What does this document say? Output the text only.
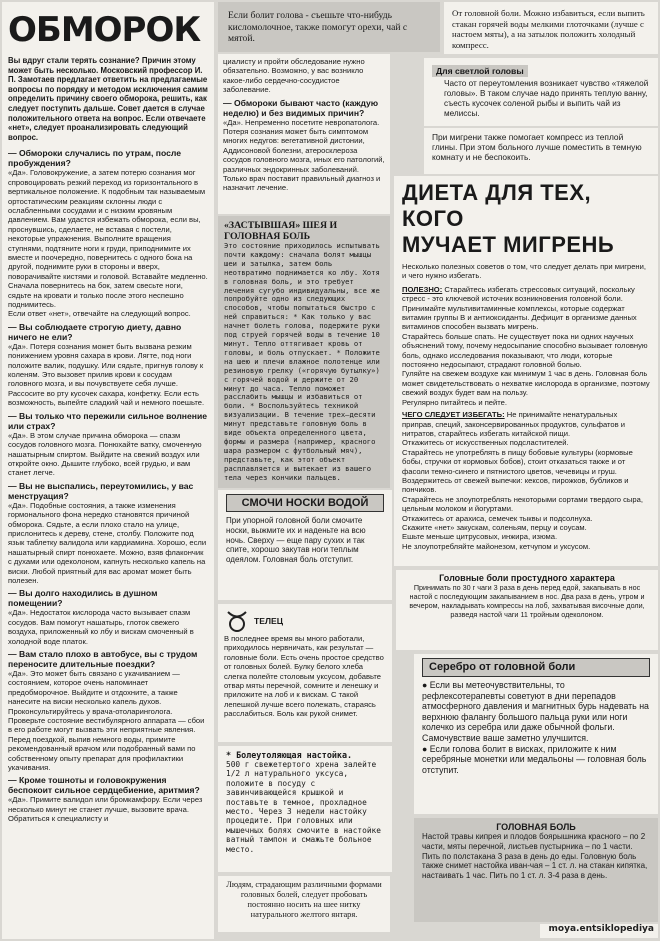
ОБМОРОК

Вы вдруг стали терять сознание? Причин этому может быть несколько. Московский профессор И. П. Замотаев предлагает ответить на предлагаемые вопросы по порядку и методом исключения самим определить причину своего обморока, решить, как следует поступить дальше. Совет дается в случае положительного ответа на вопрос. Если отвечаете «нет», следует проанализировать следующий вопрос.

— Обмороки случались по утрам, после пробуждения?

«Да». Головокружение, а затем потерю сознания мог спровоцировать резкий переход из горизонтального в вертикальное положение. К подобным так называемым ортостатическим реакциям склонны люди с ослабленными сосудами и с низким кровяным давлением. Вам удастся избежать обморока, если вы, проснувшись, сделаете, не вставая с постели, некоторые упражнения. Выполните вращения ступнями, подтяните ноги к груди, приподнимите их вместе и поочередно, повернитесь с одного бока на другой, поднимите руки в стороны и вверх, поворачивайте кистями и головой. Вставайте медленно. Сначала повернитесь на бок, затем свесьте ноги, сядьте на кровати и только после этого неспешно поднимитесь.

Если ответ «нет», отвечайте на следующий вопрос.

— Вы соблюдаете строгую диету, давно ничего не ели?

«Да». Потеря сознания может быть вызвана резким понижением уровня сахара в крови. Лягте, под ноги положите валик, подушку. Или сядьте, пригнув голову к коленям. Это вызовет прилив крови к сосудам головного мозга, и вы почувствуете себя лучше. Рассосите во рту кусочек сахара, конфетку. Если есть возможность, выпейте сладкий чай и немного поешьте.

— Вы только что пережили сильное волнение или страх?

«Да». В этом случае причина обморока — спазм сосудов головного мозга. Понюхайте ватку, смоченную нашатырным спиртом. Выйдите на свежий воздух или откройте окно. Дышите глубоко, всей грудью, и вам станет легче.

— Вы не выспались, переутомились, у вас менструация?

«Да». Подобные состояния, а также изменения гормонального фона нередко становятся причиной обморока. Сядьте, а если плохо стало на улице, прислонитесь к дереву, стене, столбу. Положите под язык таблетку валидола или кардиамина. Хорошо, если нашатырный спирт понюхаете. Можно, взяв флакончик с духами или одеколоном, капнуть несколько капель на виски. Любой приятный для вас аромат может быть полезен.

— Вы долго находились в душном помещении?

«Да». Недостаток кислорода часто вызывает спазм сосудов. Вам помогут нашатырь, глоток свежего воздуха, приложенный ко лбу и вискам смоченный в холодной воде платок.

— Вам стало плохо в автобусе, вы с трудом переносите длительные поездки?

«Да». Это может быть связано с укачиванием — состоянием, которое очень напоминает предобморочное. Выйдите и отдохните, а также нанесите на виски несколько капель духов. Проконсультируйтесь у врача-отоларинголога. Проверьте состояние вестибулярного аппарата — сбои в его работе могут вызвать эти неприятные явления. Перед поездкой, выпив немного воды, примите рекомендованный врачом или подобранный вами по собственному опыту препарат для профилактики укачивания.

— Кроме тошноты и головокружения беспокоит сильное сердцебиение, аритмия?

«Да». Примите валидол или бромкамфору. Если через несколько минут не станет лучше, вызовите врача. Обратиться к специалисту и

Если болит голова - съешьте что-нибудь кисломолочное, также помогут орехи, чай с мятой.

циалисту и пройти обследование нужно обязательно. Возможно, у вас возникло какое-либо сердечно-сосудистое заболевание.

— Обмороки бывают часто (каждую неделю) и без видимых причин?

«Да». Непременно посетите невропатолога. Потеря сознания может быть симптомом многих недугов: вегетативной дистонии, Аддисоновой болезни, атеросклероза сосудов головного мозга, иных его патологий, различных эндокринных заболеваний. Только врач поставит правильный диагноз и назначит лечение.

«ЗАСТЫВШАЯ» ШЕЯ И ГОЛОВНАЯ БОЛЬ

Это состояние приходилось испытывать почти каждому: сначала болят мышцы шеи и затылка, затем боль неотвратимо поднимается ко лбу. Хотя в головная боль, и это требует лечения сугубо индивидуальны, все же попробуйте одно из следующих способов, чтобы попытаться быстро с ней справиться: * Как только у вас начнет болеть голова, подержите руки под струей горячей воды в течение 10 минут. Тепло оттягивает кровь от головы, и боль отпускает. * Положите на шею и плечи влажное полотенце или резиновую грелку («горячую бутылку») с горячей водой и держите от 20 минут до часа. Тепло поможет расслабить мышцы и избавиться от боли. * Воспользуйтесь техникой визуализации. В течение трех–десяти минут представьте головную боль в виде объекта определенного цвета, формы и размера (например, красного шара размером с футбольный мяч), представьте, как этот объект расплавляется и вытекает из вашего тела через кончики пальцев.

СМОЧИ НОСКИ ВОДОЙ

При упорной головной боли смочите носки, выжмите их и наденьте на всю ночь. Сверху — еще пару сухих и так спите, хорошо закутав ноги теплым одеялом. Головная боль отступит.

ТЕЛЕЦ

В последнее время вы много работали, приходилось нервничать, как результат — головные боли. Есть очень простое средство от головных болей. Булку белого хлеба слегка полейте столовым уксусом, добавьте отвар мяты перечной, сомните и ленешку и приложите на лоб и к вискам. С такой лепешкой лучше всего полежать, стараясь расслабиться. Боль как рукой снимет.

* Болеутоляющая настойка.

500 г свежетертого хрена залейте 1/2 л натурального уксуса, положите в посуду с завинчивающейся крышкой и поставьте в темное, прохладное место. Через 3 недели настойку процедите. При головных или мышечных болях смочите в настойке ватный тампон и смажьте больное место.

Людям, страдающим различными формами головных болей, следует пробовать постоянно носить на шее нитку натурального желтого янтаря.

От головной боли. Можно избавиться, если выпить стакан горячей воды мелкими глоточками (лучше с настоем мяты), а на затылок положить холодный компресс.

Для светлой головы

Часто от переутомления возникает чувство «тяжелой головы». В таком случае надо принять теплую ванну, съесть кусочек соленой рыбы и выпить чай из мелиссы.

При мигрени также помогает компресс из теплой глины. При этом больного лучше поместить в темную комнату и не беспокоить.

ДИЕТА ДЛЯ ТЕХ, КОГО

МУЧАЕТ МИГРЕНЬ

Несколько полезных советов о том, что следует делать при мигрени, и чего нужно избегать.

ПОЛЕЗНО: Старайтесь избегать стрессовых ситуаций, поскольку стресс - это ключевой источник возникновения головной боли.

Принимайте мультивитаминные комплексы, которые содержат витамин группы В и антиоксиданты. Дефицит в организме данных витаминов способен вызвать мигрень.

Старайтесь больше спать. Не существует пока ни одних научных объяснений тому, почему недосыпание способно вызывает головную боль, однако исследования показывают, что люди, которые постоянно недосыпают, страдают головной болью.

Гуляйте на свежем воздухе как минимум 1 час в день. Головная боль может свидетельствовать о нехватке кислорода в организме, поэтому свежий воздух будет вам на пользу.

Регулярно питайтесь и пейте.

ЧЕГО СЛЕДУЕТ ИЗБЕГАТЬ: Не принимайте ненатуральных приправ, специй, законсервированных продуктов, сульфатов и нитратов, старайтесь избегать китайской пищи.

Откажитесь от искусственных подсластителей.

Старайтесь не употреблять в пищу бобовые культуры (кормовые бобы, стручки от кормовых бобов), стоит отказаться также и от фасоли темно-синего и пятнистого цветов, чечевицы и груш.

Воздержитесь от свежей выпечки: кексов, пирожков, бубликов и пончиков.

Старайтесь не злоупотреблять некоторыми сортами твердого сыра, цельным молоком и йогуртами.

Откажитесь от арахиса, семечек тыквы и подсолнуха.

Скажите «нет» закускам, соленьям, перцу и соусам.

Ешьте меньше цитрусовых, инжира, изюма.

Не злоупотребляйте майонезом, кетчупом и уксусом.

Головные боли простудного характера

Принимать по 30 г чаги 3 раза в день перед едой, закапывать в нос настой с последующим закапыванием в нос. Два раза в день, утром и вечером, накладывать компрессы на лоб, захватывая височные доли, разведя настой чаги 11 тройным одеколоном.

Серебро от головной боли

● Если вы метеочувствительны, то рефлексотерапевты советуют в дни перепадов атмосферного давления и магнитных бурь надевать на верхнюю фалангу большого пальца руки или ноги колечко из серебра или даже обычной фольги. Самочувствие ваше заметно улучшится.

● Если голова болит в висках, приложите к ним серебряные монетки или медальоны — головная боль отступит.

ГОЛОВНАЯ БОЛЬ

Настой травы кипрея и плодов боярышника красного – по 2 части, мяты перечной, листьев пустырника – по 1 части. Пить по полстакана 3 раза в день до еды. Головную боль также снимет настойка иван-чая – 1 ст. л. на стакан кипятка, настаивать 1 час. Пить по 1 ст. л. 3-4 раза в день.

moya.entsiklopediya
